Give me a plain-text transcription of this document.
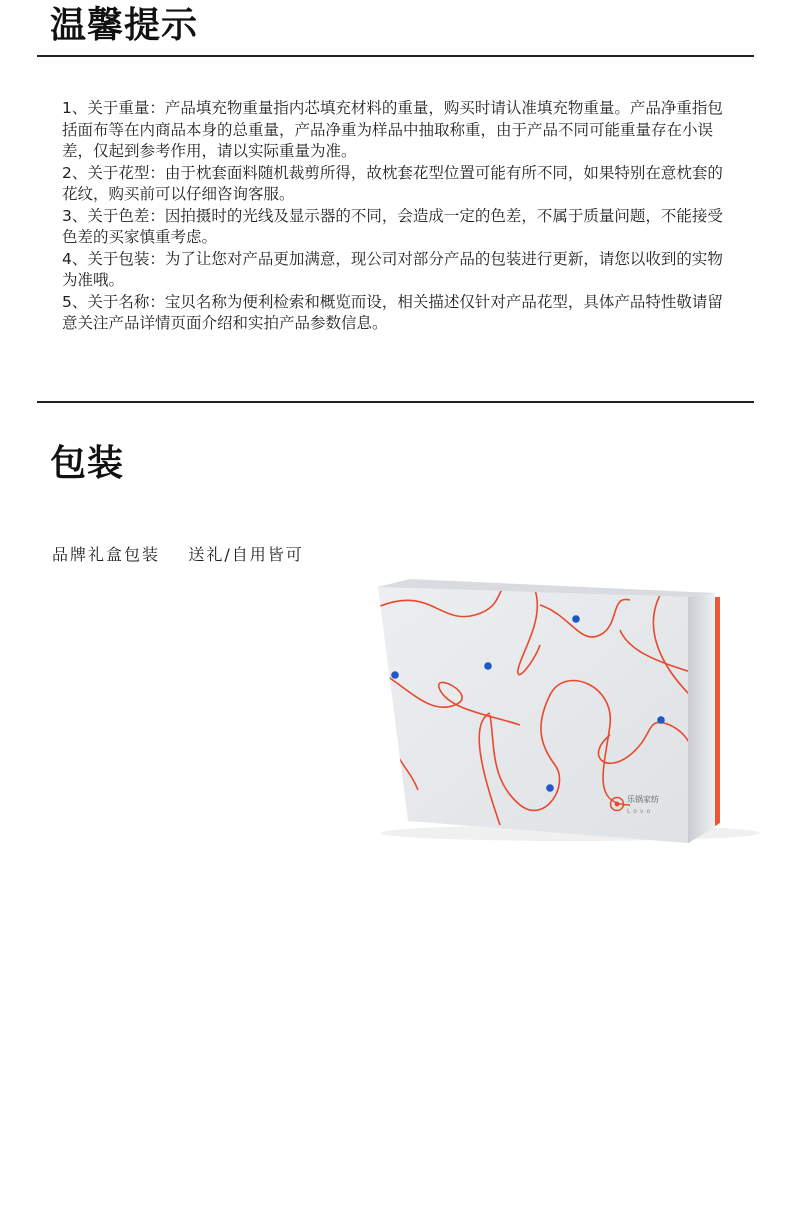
温馨提示
1、关于重量：产品填充物重量指内芯填充材料的重量，购买时请认准填充物重量。产品净重指包括面布等在内商品本身的总重量，产品净重为样品中抽取称重，由于产品不同可能重量存在小误差，仅起到参考作用，请以实际重量为准。
2、关于花型：由于枕套面料随机裁剪所得，故枕套花型位置可能有所不同，如果特别在意枕套的花纹，购买前可以仔细咨询客服。
3、关于色差：因拍摄时的光线及显示器的不同，会造成一定的色差，不属于质量问题，不能接受色差的买家慎重考虑。
4、关于包装：为了让您对产品更加满意，现公司对部分产品的包装进行更新，请您以收到的实物为准哦。
5、关于名称：宝贝名称为便利检索和概览而设，相关描述仅针对产品花型，具体产品特性敬请留意关注产品详情页面介绍和实拍产品参数信息。
包装
品牌礼盒包装    送礼/自用皆可
乐锅家纺
Lovo
